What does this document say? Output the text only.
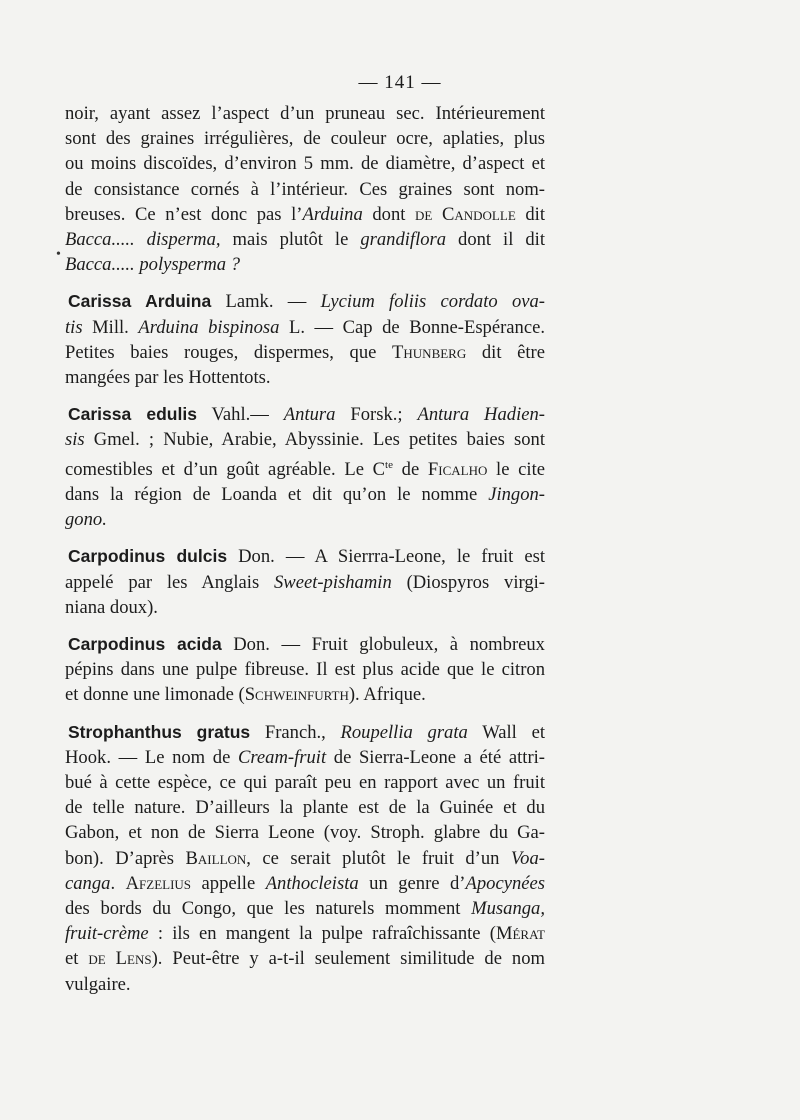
— 141 —
•
noir, ayant assez l’aspect d’un pruneau sec. Intérieurement
sont des graines irrégulières, de couleur ocre, aplaties, plus
ou moins discoïdes, d’environ 5 mm. de diamètre, d’aspect et
de consistance cornés à l’intérieur. Ces graines sont nom-
breuses. Ce n’est donc pas l’Arduina dont de Candolle dit
Bacca..... disperma, mais plutôt le grandiflora dont il dit
Bacca..... polysperma ?
Carissa Arduina Lamk. — Lycium foliis cordato ova-
tis Mill. Arduina bispinosa L. — Cap de Bonne-Espérance.
Petites baies rouges, dispermes, que Thunberg dit être
mangées par les Hottentots.
Carissa edulis Vahl.— Antura Forsk.; Antura Hadien-
sis Gmel. ; Nubie, Arabie, Abyssinie. Les petites baies sont
comestibles et d’un goût agréable. Le $C^{te}$ de Ficalho le cite
dans la région de Loanda et dit qu’on le nomme Jingon-
gono.
Carpodinus dulcis Don. — A Sierrra-Leone, le fruit est
appelé par les Anglais Sweet-pishamin (Diospyros virgi-
niana doux).
Carpodinus acida Don. — Fruit globuleux, à nombreux
pépins dans une pulpe fibreuse. Il est plus acide que le citron
et donne une limonade (Schweinfurth). Afrique.
Strophanthus gratus Franch., Roupellia grata Wall et
Hook. — Le nom de Cream-fruit de Sierra-Leone a été attri-
bué à cette espèce, ce qui paraît peu en rapport avec un fruit
de telle nature. D’ailleurs la plante est de la Guinée et du
Gabon, et non de Sierra Leone (voy. Stroph. glabre du Ga-
bon). D’après Baillon, ce serait plutôt le fruit d’un Voa-
canga. Afzelius appelle Anthocleista un genre d’Apocynées
des bords du Congo, que les naturels momment Musanga,
fruit-crème : ils en mangent la pulpe rafraîchissante (Mérat
et de Lens). Peut-être y a-t-il seulement similitude de nom
vulgaire.
